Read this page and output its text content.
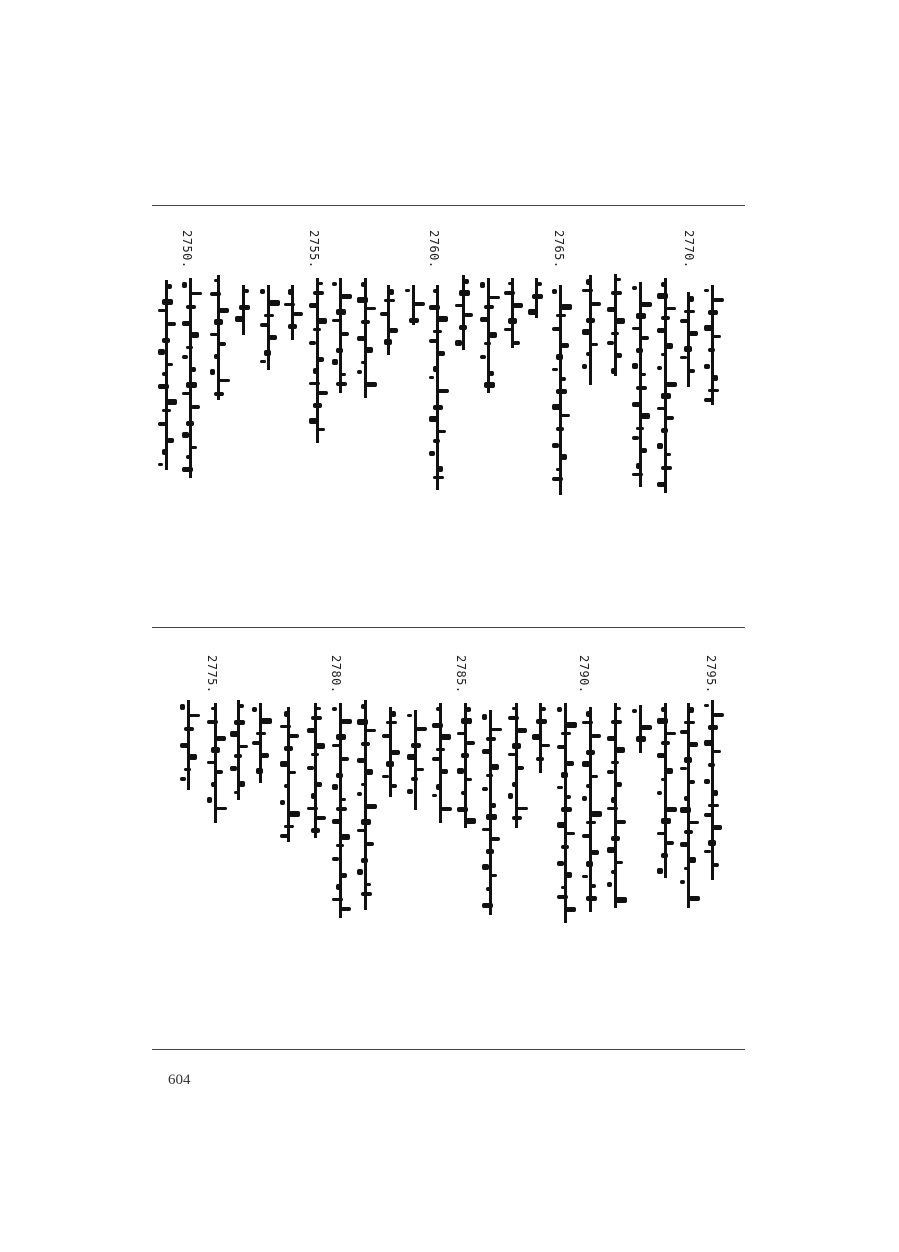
2770.
2765.
2760.
2755.
2750.
2795.
2790.
2785.
2780.
2775.
604
